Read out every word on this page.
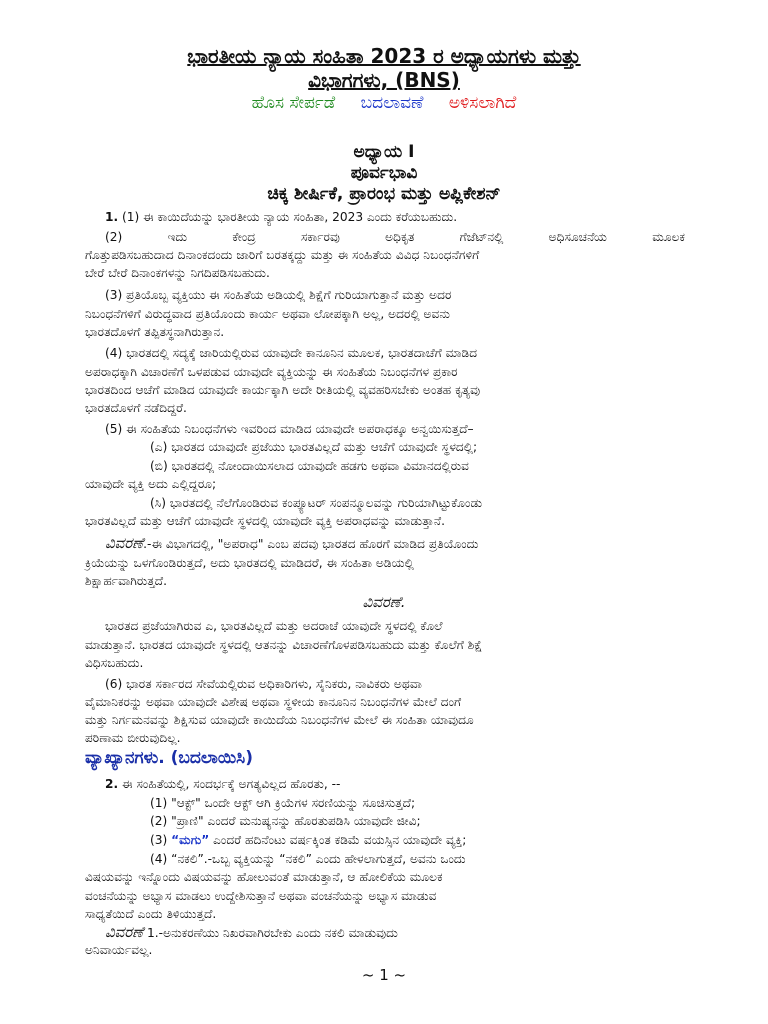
ಭಾರತೀಯ ನ್ಯಾಯ ಸಂಹಿತಾ 2023 ರ ಅಧ್ಯಾಯಗಳು ಮತ್ತು
ವಿಭಾಗಗಳು, (BNS)
ಹೊಸ ಸೇರ್ಪಡೆ ಬದಲಾವಣೆ ಅಳಿಸಲಾಗಿದೆ
ಅಧ್ಯಾಯ I
ಪೂರ್ವಭಾವಿ
ಚಿಕ್ಕ ಶೀರ್ಷಿಕೆ, ಪ್ರಾರಂಭ ಮತ್ತು ಅಪ್ಲಿಕೇಶನ್
1. (1) ಈ ಕಾಯಿದೆಯನ್ನು ಭಾರತೀಯ ನ್ಯಾಯ ಸಂಹಿತಾ, 2023 ಎಂದು ಕರೆಯಬಹುದು.
(2) ಇದು ಕೇಂದ್ರ ಸರ್ಕಾರವು ಅಧಿಕೃತ ಗೆಜೆಟ್‌ನಲ್ಲಿ ಅಧಿಸೂಚನೆಯ ಮೂಲಕ
ಗೊತ್ತುಪಡಿಸಬಹುದಾದ ದಿನಾಂಕದಂದು ಜಾರಿಗೆ ಬರತಕ್ಕದ್ದು ಮತ್ತು ಈ ಸಂಹಿತೆಯ ವಿವಿಧ ನಿಬಂಧನೆಗಳಿಗೆ
ಬೇರೆ ಬೇರೆ ದಿನಾಂಕಗಳನ್ನು ನಿಗದಿಪಡಿಸಬಹುದು.
(3) ಪ್ರತಿಯೊಬ್ಬ ವ್ಯಕ್ತಿಯು ಈ ಸಂಹಿತೆಯ ಅಡಿಯಲ್ಲಿ ಶಿಕ್ಷೆಗೆ ಗುರಿಯಾಗುತ್ತಾನೆ ಮತ್ತು ಅದರ
ನಿಬಂಧನೆಗಳಿಗೆ ವಿರುದ್ಧವಾದ ಪ್ರತಿಯೊಂದು ಕಾರ್ಯ ಅಥವಾ ಲೋಪಕ್ಕಾಗಿ ಅಲ್ಲ, ಅದರಲ್ಲಿ ಅವನು
ಭಾರತದೊಳಗೆ ತಪ್ಪಿತಸ್ಥನಾಗಿರುತ್ತಾನ.
(4) ಭಾರತದಲ್ಲಿ ಸದ್ಯಕ್ಕೆ ಜಾರಿಯಲ್ಲಿರುವ ಯಾವುದೇ ಕಾನೂನಿನ ಮೂಲಕ, ಭಾರತದಾಚೆಗೆ ಮಾಡಿದ
ಅಪರಾಧಕ್ಕಾಗಿ ವಿಚಾರಣೆಗೆ ಒಳಪಡುವ ಯಾವುದೇ ವ್ಯಕ್ತಿಯನ್ನು ಈ ಸಂಹಿತೆಯ ನಿಬಂಧನೆಗಳ ಪ್ರಕಾರ
ಭಾರತದಿಂದ ಆಚೆಗೆ ಮಾಡಿದ ಯಾವುದೇ ಕಾರ್ಯಕ್ಕಾಗಿ ಅದೇ ರೀತಿಯಲ್ಲಿ ವ್ಯವಹರಿಸಬೇಕು ಅಂತಹ ಕೃತ್ಯವು
ಭಾರತದೊಳಗೆ ನಡೆದಿದ್ದರೆ.
(5) ಈ ಸಂಹಿತೆಯ ನಿಬಂಧನೆಗಳು ಇವರಿಂದ ಮಾಡಿದ ಯಾವುದೇ ಅಪರಾಧಕ್ಕೂ ಅನ್ವಯಿಸುತ್ತದೆ–
(ಎ) ಭಾರತದ ಯಾವುದೇ ಪ್ರಜೆಯು ಭಾರತವಿಲ್ಲದೆ ಮತ್ತು ಆಚೆಗೆ ಯಾವುದೇ ಸ್ಥಳದಲ್ಲಿ;
(ಬಿ) ಭಾರತದಲ್ಲಿ ನೋಂದಾಯಿಸಲಾದ ಯಾವುದೇ ಹಡಗು ಅಥವಾ ವಿಮಾನದಲ್ಲಿರುವ
ಯಾವುದೇ ವ್ಯಕ್ತಿ ಅದು ಎಲ್ಲಿದ್ದರೂ;
(ಸಿ) ಭಾರತದಲ್ಲಿ ನೆಲೆಗೊಂಡಿರುವ ಕಂಪ್ಯೂಟರ್ ಸಂಪನ್ಮೂಲವನ್ನು ಗುರಿಯಾಗಿಟ್ಟುಕೊಂಡು
ಭಾರತವಿಲ್ಲದೆ ಮತ್ತು ಆಚೆಗೆ ಯಾವುದೇ ಸ್ಥಳದಲ್ಲಿ ಯಾವುದೇ ವ್ಯಕ್ತಿ ಅಪರಾಧವನ್ನು ಮಾಡುತ್ತಾನೆ.
ವಿವರಣೆ.-ಈ ವಿಭಾಗದಲ್ಲಿ, "ಅಪರಾಧ" ಎಂಬ ಪದವು ಭಾರತದ ಹೊರಗೆ ಮಾಡಿದ ಪ್ರತಿಯೊಂದು
ಕ್ರಿಯೆಯನ್ನು ಒಳಗೊಂಡಿರುತ್ತದೆ, ಅದು ಭಾರತದಲ್ಲಿ ಮಾಡಿದರೆ, ಈ ಸಂಹಿತಾ ಅಡಿಯಲ್ಲಿ
ಶಿಕ್ಷಾರ್ಹವಾಗಿರುತ್ತದೆ.
ವಿವರಣೆ.
ಭಾರತದ ಪ್ರಜೆಯಾಗಿರುವ ಎ, ಭಾರತವಿಲ್ಲದೆ ಮತ್ತು ಅದರಾಚೆ ಯಾವುದೇ ಸ್ಥಳದಲ್ಲಿ ಕೊಲೆ
ಮಾಡುತ್ತಾನೆ. ಭಾರತದ ಯಾವುದೇ ಸ್ಥಳದಲ್ಲಿ ಆತನನ್ನು ವಿಚಾರಣೆಗೊಳಪಡಿಸಬಹುದು ಮತ್ತು ಕೊಲೆಗೆ ಶಿಕ್ಷೆ
ವಿಧಿಸಬಹುದು.
(6) ಭಾರತ ಸರ್ಕಾರದ ಸೇವೆಯಲ್ಲಿರುವ ಅಧಿಕಾರಿಗಳು, ಸೈನಿಕರು, ನಾವಿಕರು ಅಥವಾ
ವೈಮಾನಿಕರನ್ನು ಅಥವಾ ಯಾವುದೇ ವಿಶೇಷ ಅಥವಾ ಸ್ಥಳೀಯ ಕಾನೂನಿನ ನಿಬಂಧನೆಗಳ ಮೇಲೆ ದಂಗೆ
ಮತ್ತು ನಿರ್ಗಮನವನ್ನು ಶಿಕ್ಷಿಸುವ ಯಾವುದೇ ಕಾಯಿದೆಯ ನಿಬಂಧನೆಗಳ ಮೇಲೆ ಈ ಸಂಹಿತಾ ಯಾವುದೂ
ಪರಿಣಾಮ ಬೀರುವುದಿಲ್ಲ.
ವ್ಯಾಖ್ಯಾನಗಳು. (ಬದಲಾಯಿಸಿ)
2. ಈ ಸಂಹಿತೆಯಲ್ಲಿ, ಸಂದರ್ಭಕ್ಕೆ ಅಗತ್ಯವಿಲ್ಲದ ಹೊರತು, --
(1) "ಆಕ್ಟ್" ಒಂದೇ ಆಕ್ಟ್ ಆಗಿ ಕ್ರಿಯೆಗಳ ಸರಣಿಯನ್ನು ಸೂಚಿಸುತ್ತದೆ;
(2) "ಪ್ರಾಣಿ" ಎಂದರೆ ಮನುಷ್ಯನನ್ನು ಹೊರತುಪಡಿಸಿ ಯಾವುದೇ ಜೀವಿ;
(3) “ಮಗು” ಎಂದರೆ ಹದಿನೆಂಟು ವರ್ಷಕ್ಕಿಂತ ಕಡಿಮೆ ವಯಸ್ಸಿನ ಯಾವುದೇ ವ್ಯಕ್ತಿ;
(4) “ನಕಲಿ”.-ಒಬ್ಬ ವ್ಯಕ್ತಿಯನ್ನು “ನಕಲಿ” ಎಂದು ಹೇಳಲಾಗುತ್ತದೆ, ಅವನು ಒಂದು
ವಿಷಯವನ್ನು ಇನ್ನೊಂದು ವಿಷಯವನ್ನು ಹೋಲುವಂತೆ ಮಾಡುತ್ತಾನೆ, ಆ ಹೋಲಿಕೆಯ ಮೂಲಕ
ವಂಚನೆಯನ್ನು ಅಭ್ಯಾಸ ಮಾಡಲು ಉದ್ದೇಶಿಸುತ್ತಾನೆ ಅಥವಾ ವಂಚನೆಯನ್ನು ಅಭ್ಯಾಸ ಮಾಡುವ
ಸಾಧ್ಯತೆಯಿದೆ ಎಂದು ತಿಳಿಯುತ್ತದೆ.
ವಿವರಣೆ 1.-ಅನುಕರಣೆಯು ನಿಖರವಾಗಿರಬೇಕು ಎಂದು ನಕಲಿ ಮಾಡುವುದು
ಅನಿವಾರ್ಯವಲ್ಲ.
~ 1 ~
